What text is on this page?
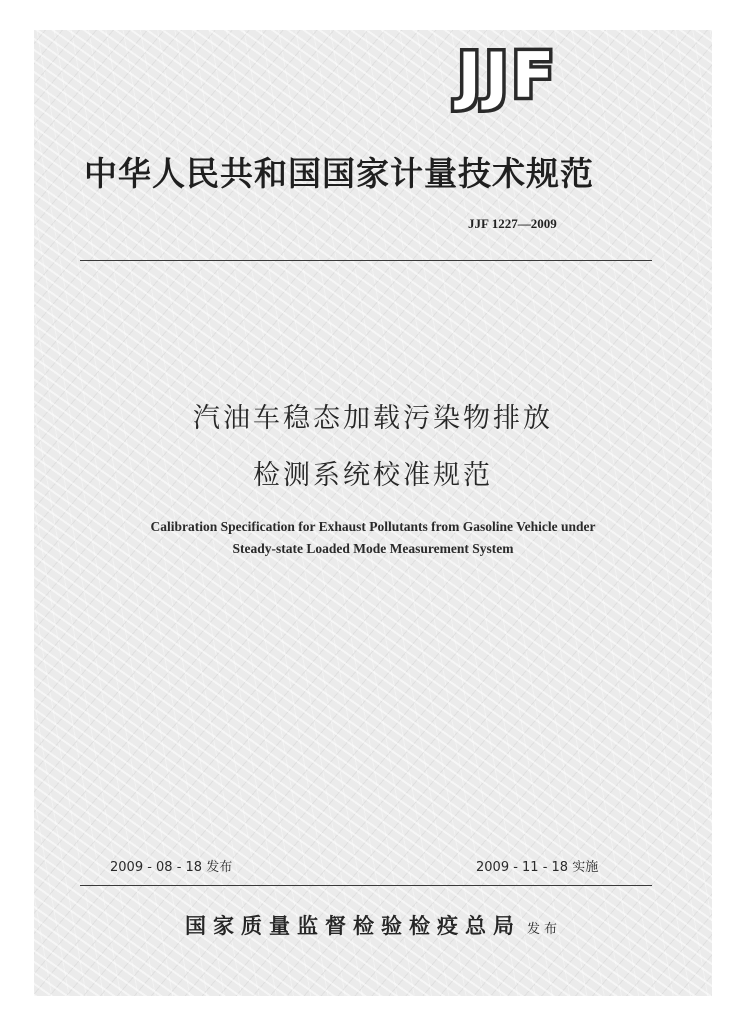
JJF
中华人民共和国国家计量技术规范
JJF 1227—2009
汽油车稳态加载污染物排放
检测系统校准规范
Calibration Specification for Exhaust Pollutants from Gasoline Vehicle under
Steady-state Loaded Mode Measurement System
2009 - 08 - 18 发布	2009 - 11 - 18 实施
国家质量监督检验检疫总局 发布
